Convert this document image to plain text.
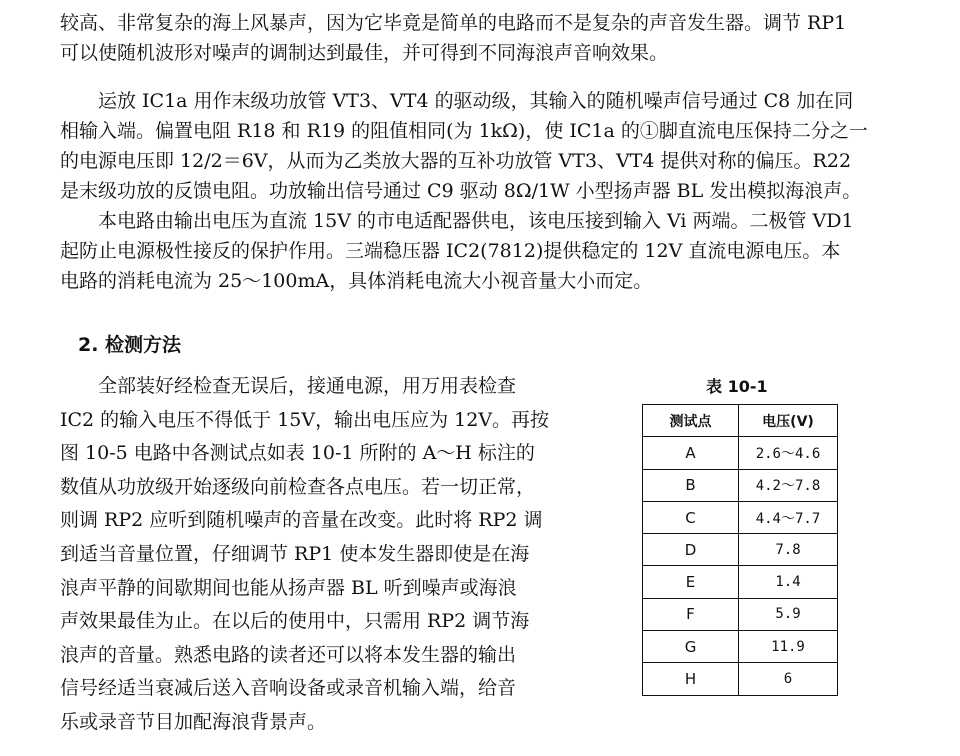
较高、非常复杂的海上风暴声，因为它毕竟是简单的电路而不是复杂的声音发生器。调节 RP1
可以使随机波形对噪声的调制达到最佳，并可得到不同海浪声音响效果。
　　运放 IC1a 用作末级功放管 VT3、VT4 的驱动级，其输入的随机噪声信号通过 C8 加在同
相输入端。偏置电阻 R18 和 R19 的阻值相同(为 1kΩ)，使 IC1a 的①脚直流电压保持二分之一
的电源电压即 12/2＝6V，从而为乙类放大器的互补功放管 VT3、VT4 提供对称的偏压。R22
是末级功放的反馈电阻。功放输出信号通过 C9 驱动 8Ω/1W 小型扬声器 BL 发出模拟海浪声。
　　本电路由输出电压为直流 15V 的市电适配器供电，该电压接到输入 Vi 两端。二极管 VD1
起防止电源极性接反的保护作用。三端稳压器 IC2(7812)提供稳定的 12V 直流电源电压。本
电路的消耗电流为 25～100mA，具体消耗电流大小视音量大小而定。
2. 检测方法
　　全部装好经检查无误后，接通电源，用万用表检查
IC2 的输入电压不得低于 15V，输出电压应为 12V。再按
图 10-5 电路中各测试点如表 10-1 所附的 A～H 标注的
数值从功放级开始逐级向前检查各点电压。若一切正常，
则调 RP2 应听到随机噪声的音量在改变。此时将 RP2 调
到适当音量位置，仔细调节 RP1 使本发生器即使是在海
浪声平静的间歇期间也能从扬声器 BL 听到噪声或海浪
声效果最佳为止。在以后的使用中，只需用 RP2 调节海
浪声的音量。熟悉电路的读者还可以将本发生器的输出
信号经适当衰减后送入音响设备或录音机输入端，给音
乐或录音节目加配海浪背景声。
表 10-1
测试点	电压(V)
A	2.6～4.6
B	4.2～7.8
C	4.4～7.7
D	7.8
E	1.4
F	5.9
G	11.9
H	6
